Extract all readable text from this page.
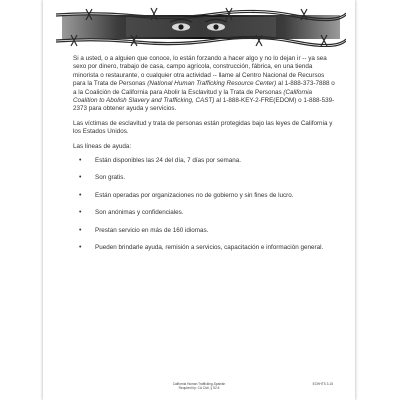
Si a usted, o a alguien que conoce, lo están forzando a hacer algo y no lo dejan ir -- ya sea sexo por dinero, trabajo de casa, campo agrícola, construcción, fábrica, en una tienda minorista o restaurante, o cualquier otra actividad -- llame al Centro Nacional de Recursos para la Trata de Personas (National Human Trafficking Resource Center) al 1-888-373-7888 o a la Coalición de California para Abolir la Esclavitud y la Trata de Personas (California Coalition to Abolish Slavery and Trafficking, CAST) al 1-888-KEY-2-FRE(EDOM) o 1-888-539-2373 para obtener ayuda y servicios.

Las víctimas de esclavitud y trata de personas están protegidas bajo las leyes de California y los Estados Unidos.

Las líneas de ayuda:

• Están disponibles las 24 del día, 7 días por semana.
• Son gratis.
• Están operadas por organizaciones no de gobierno y sin fines de lucro.
• Son anónimas y confidenciales.
• Prestan servicio en más de 160 idiomas.
• Pueden brindarle ayuda, remisión a servicios, capacitación e información general.
California Human Trafficking-Spanish
Required by: CA Civil, § 52.6
ECHHTS 3-15
